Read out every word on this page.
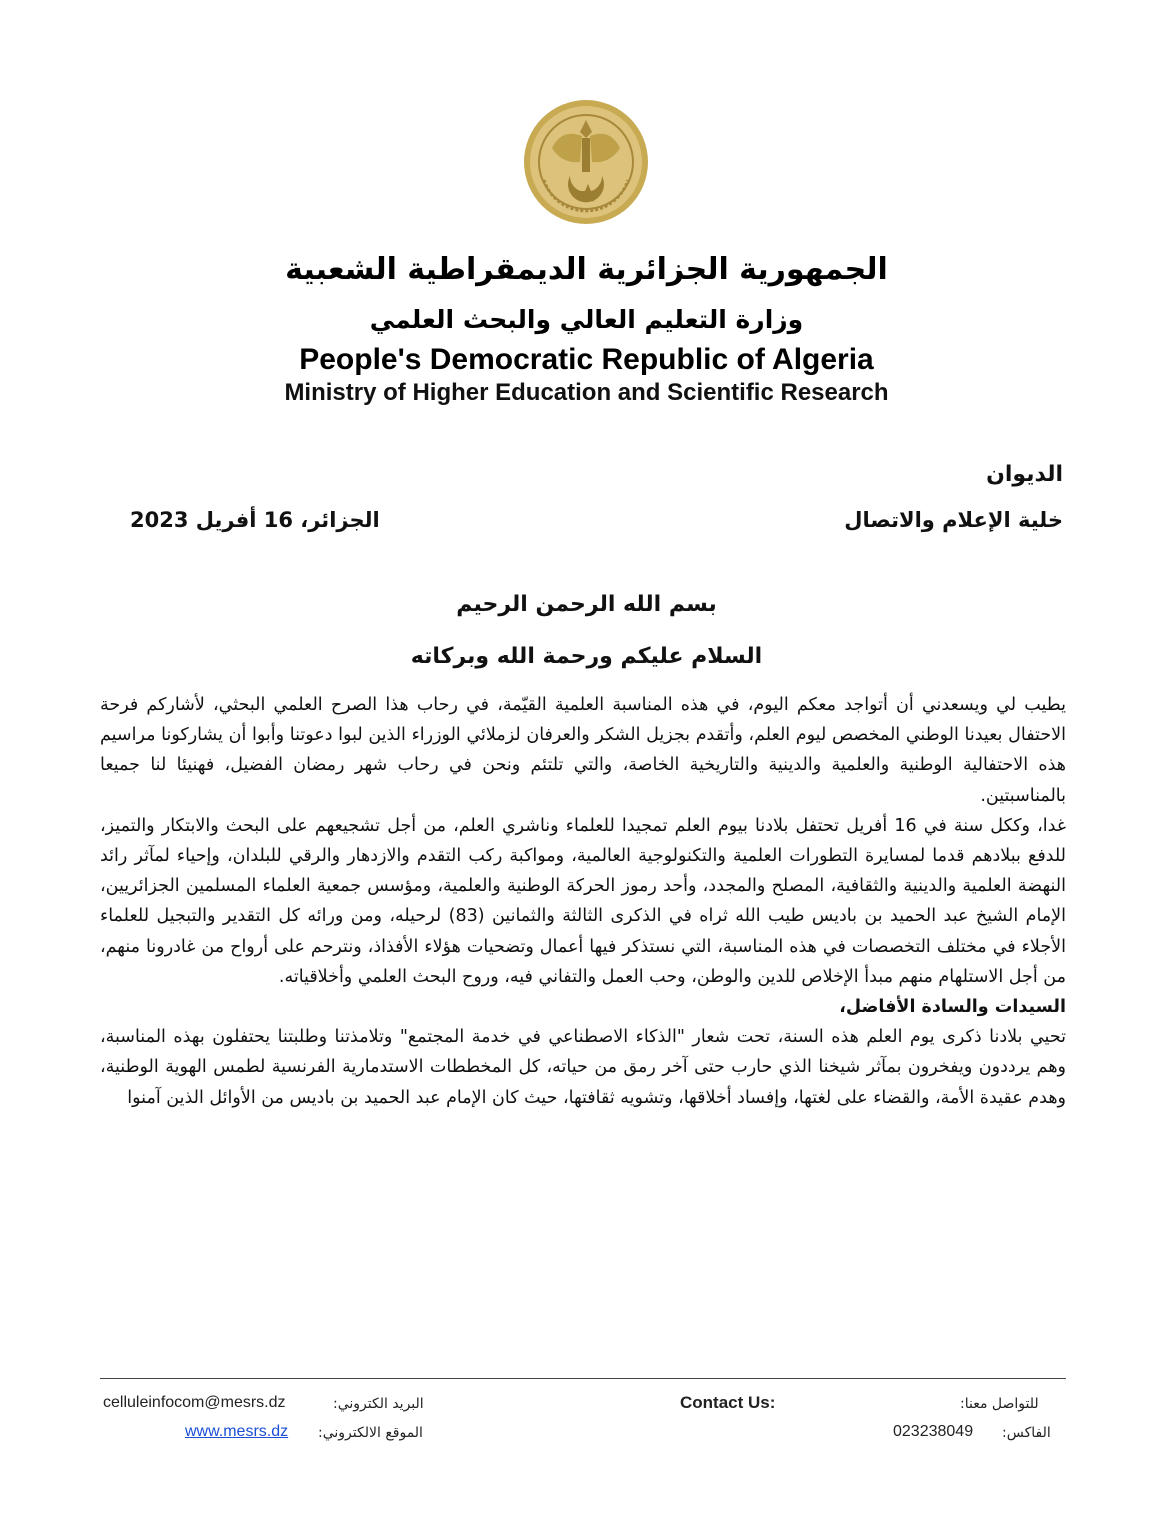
الجمهورية الجزائرية الديمقراطية الشعبية
وزارة التعليم العالي والبحث العلمي
People's Democratic Republic of Algeria
Ministry of Higher Education and Scientific Research
الديوان
خلية الإعلام والاتصال
الجزائر، 16 أفريل 2023
بسم الله الرحمن الرحيم
السلام عليكم ورحمة الله وبركاته

يطيب لي ويسعدني أن أتواجد معكم اليوم، في هذه المناسبة العلمية القيّمة، في رحاب هذا الصرح العلمي البحثي، لأشاركم فرحة الاحتفال بعيدنا الوطني المخصص ليوم العلم، وأتقدم بجزيل الشكر والعرفان لزملائي الوزراء الذين لبوا دعوتنا وأبوا أن يشاركونا مراسيم هذه الاحتفالية الوطنية والعلمية والدينية والتاريخية الخاصة، والتي تلتئم ونحن في رحاب شهر رمضان الفضيل، فهنيئا لنا جميعا بالمناسبتين.

غدا، وككل سنة في 16 أفريل تحتفل بلادنا بيوم العلم تمجيدا للعلماء وناشري العلم، من أجل تشجيعهم على البحث والابتكار والتميز، للدفع ببلادهم قدما لمسايرة التطورات العلمية والتكنولوجية العالمية، ومواكبة ركب التقدم والازدهار والرقي للبلدان، وإحياء لمآثر رائد النهضة العلمية والدينية والثقافية، المصلح والمجدد، وأحد رموز الحركة الوطنية والعلمية، ومؤسس جمعية العلماء المسلمين الجزائريين، الإمام الشيخ عبد الحميد بن باديس طيب الله ثراه في الذكرى الثالثة والثمانين (83) لرحيله، ومن ورائه كل التقدير والتبجيل للعلماء الأجلاء في مختلف التخصصات في هذه المناسبة، التي نستذكر فيها أعمال وتضحيات هؤلاء الأفذاذ، ونترحم على أرواح من غادرونا منهم، من أجل الاستلهام منهم مبدأ الإخلاص للدين والوطن، وحب العمل والتفاني فيه، وروح البحث العلمي وأخلاقياته.

السيدات والسادة الأفاضل،

تحيي بلادنا ذكرى يوم العلم هذه السنة، تحت شعار "الذكاء الاصطناعي في خدمة المجتمع" وتلامذتنا وطلبتنا يحتفلون بهذه المناسبة، وهم يرددون ويفخرون بمآثر شيخنا الذي حارب حتى آخر رمق من حياته، كل المخططات الاستدمارية الفرنسية لطمس الهوية الوطنية، وهدم عقيدة الأمة، والقضاء على لغتها، وإفساد أخلاقها، وتشويه ثقافتها، حيث كان الإمام عبد الحميد بن باديس من الأوائل الذين آمنوا

celluleinfocom@mesrs.dz	البريد الكتروني:
www.mesrs.dz الموقع الالكتروني:
Contact Us:	للتواصل معنا:
الفاكس:
023238049
